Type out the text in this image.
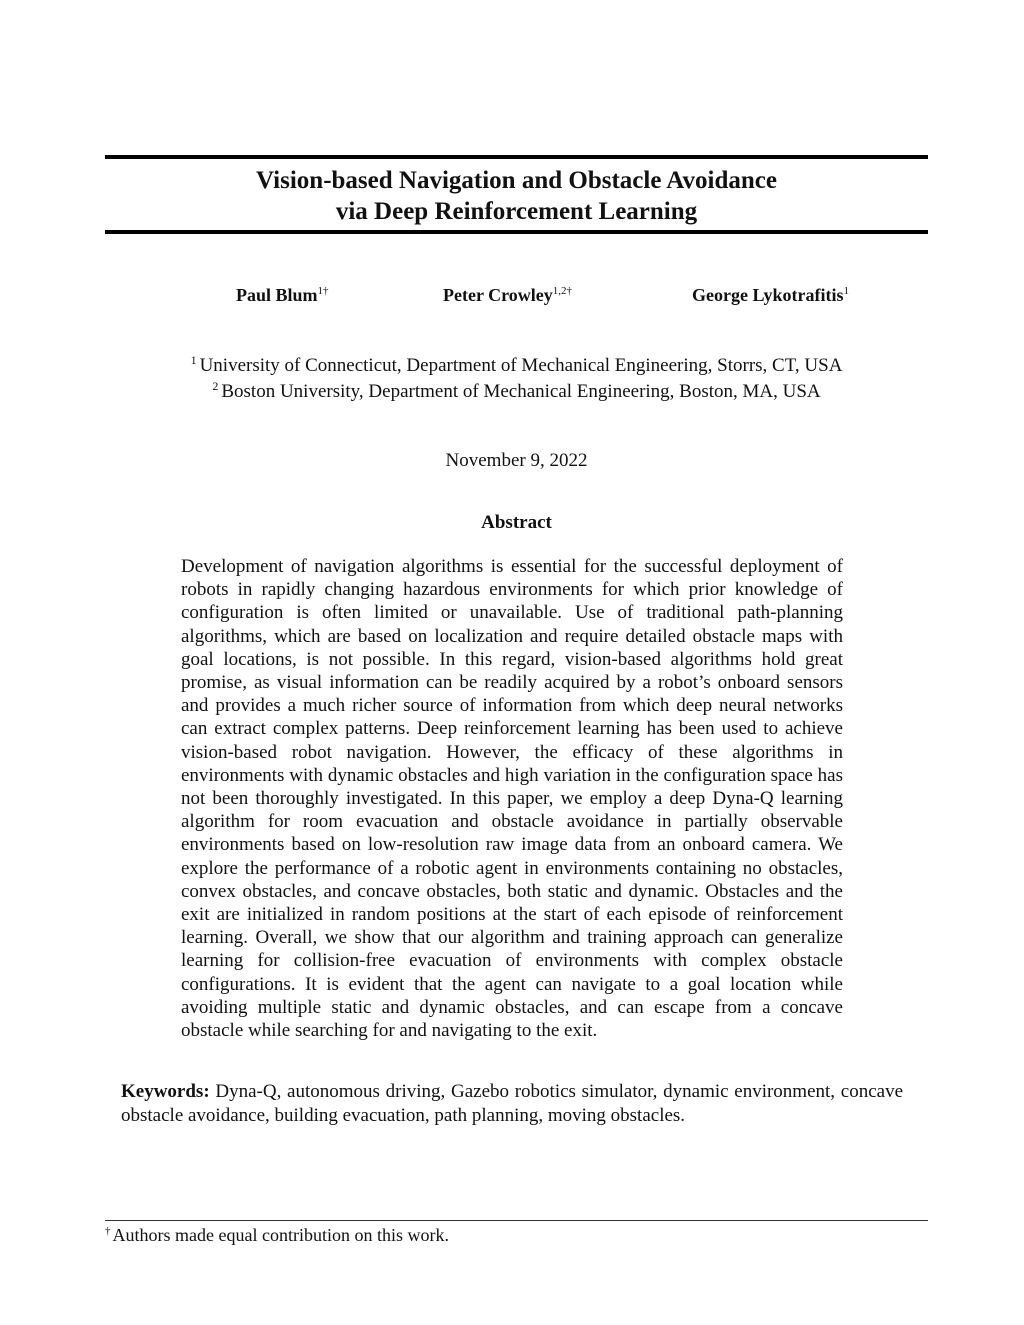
Vision-based Navigation and Obstacle Avoidance
via Deep Reinforcement Learning
Paul Blum$^{1\dagger}$	Peter Crowley$^{1,2\dagger}$	George Lykotrafitis$^1$
$^1$ University of Connecticut, Department of Mechanical Engineering, Storrs, CT, USA
$^2$ Boston University, Department of Mechanical Engineering, Boston, MA, USA
November 9, 2022
Abstract
Development of navigation algorithms is essential for the successful deployment of robots in rapidly changing hazardous environments for which prior knowledge of configuration is often limited or unavailable. Use of traditional path-planning algorithms, which are based on localization and require detailed obstacle maps with goal locations, is not possible. In this regard, vision-based algorithms hold great promise, as visual information can be readily acquired by a robot’s onboard sensors and provides a much richer source of information from which deep neural networks can extract complex patterns. Deep reinforcement learning has been used to achieve vision-based robot navigation. However, the efficacy of these algorithms in environments with dynamic obstacles and high variation in the configuration space has not been thoroughly investigated. In this paper, we employ a deep Dyna-Q learning algorithm for room evacuation and obstacle avoidance in partially observable environments based on low-resolution raw image data from an onboard camera. We explore the performance of a robotic agent in environments containing no obstacles, convex obstacles, and concave obstacles, both static and dynamic. Obstacles and the exit are initialized in random positions at the start of each episode of reinforcement learning. Overall, we show that our algorithm and training approach can generalize learning for collision-free evacuation of environments with complex obstacle configurations. It is evident that the agent can navigate to a goal location while avoiding multiple static and dynamic obstacles, and can escape from a concave obstacle while searching for and navigating to the exit.
Keywords: Dyna-Q, autonomous driving, Gazebo robotics simulator, dynamic environment, concave obstacle avoidance, building evacuation, path planning, moving obstacles.
† Authors made equal contribution on this work.
